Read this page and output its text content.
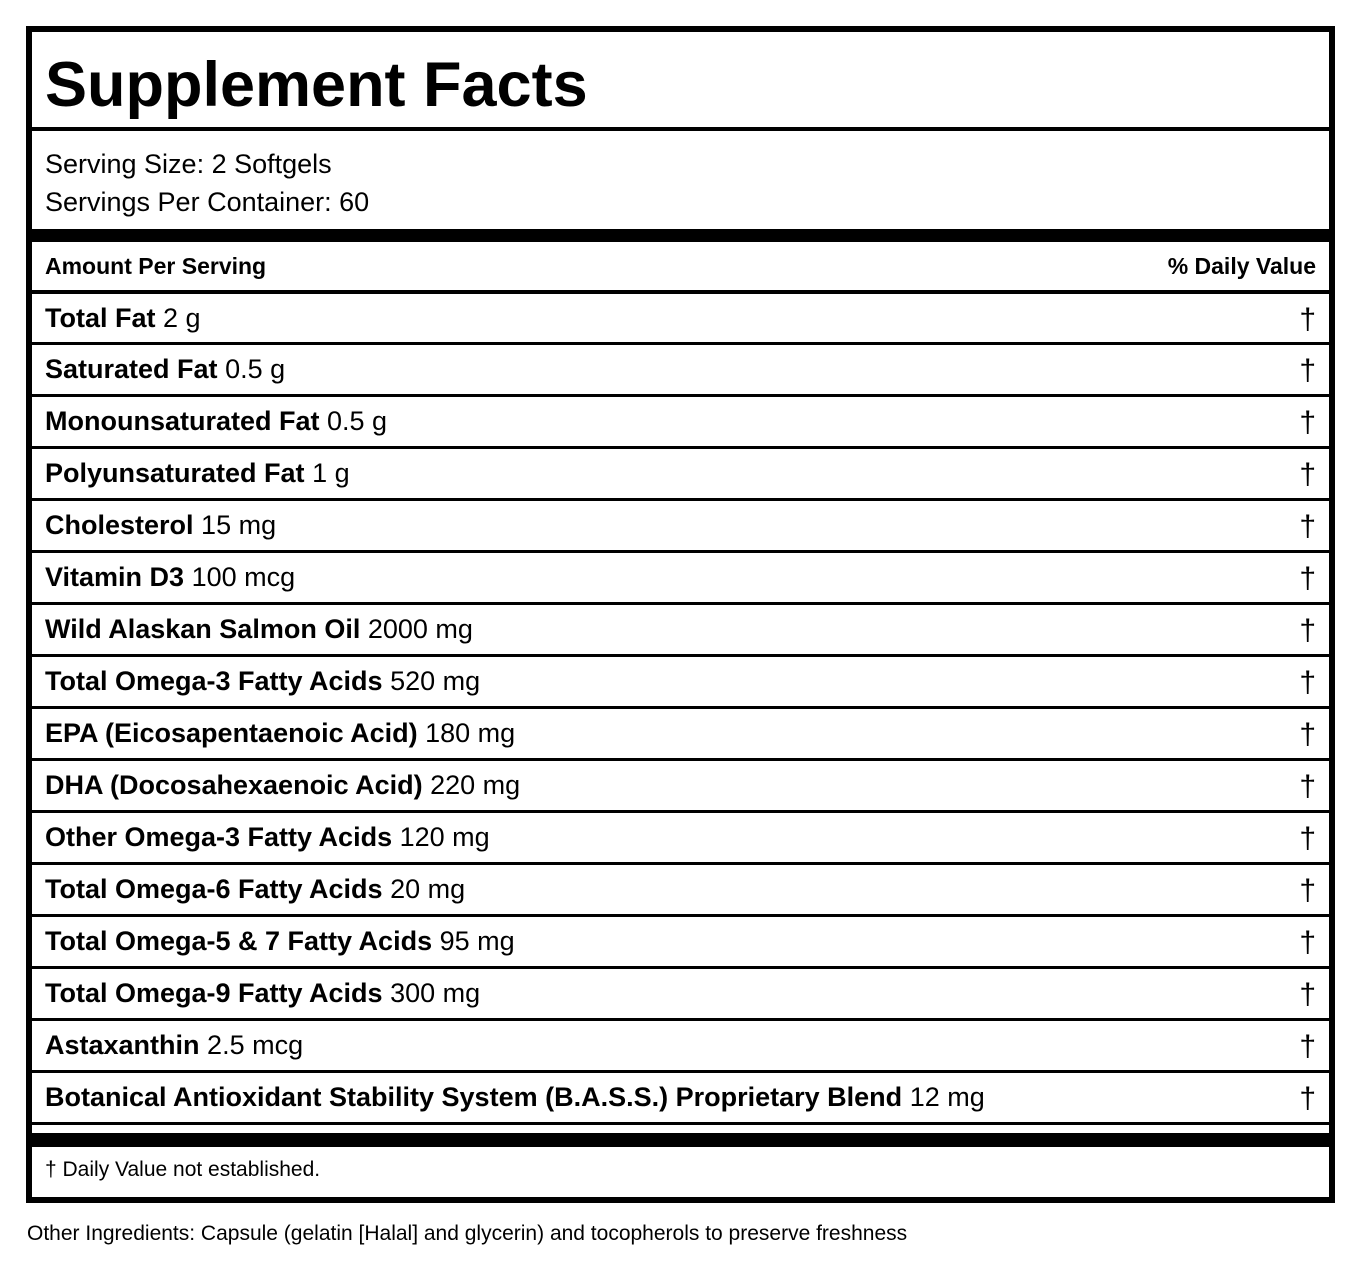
Supplement Facts
Serving Size: 2 Softgels
Servings Per Container: 60
Amount Per Serving	% Daily Value
Total Fat 2 g	†
Saturated Fat 0.5 g	†
Monounsaturated Fat 0.5 g	†
Polyunsaturated Fat 1 g	†
Cholesterol 15 mg	†
Vitamin D3 100 mcg	†
Wild Alaskan Salmon Oil 2000 mg	†
Total Omega-3 Fatty Acids 520 mg	†
EPA (Eicosapentaenoic Acid) 180 mg	†
DHA (Docosahexaenoic Acid) 220 mg	†
Other Omega-3 Fatty Acids 120 mg	†
Total Omega-6 Fatty Acids 20 mg	†
Total Omega-5 & 7 Fatty Acids 95 mg	†
Total Omega-9 Fatty Acids 300 mg	†
Astaxanthin 2.5 mcg	†
Botanical Antioxidant Stability System (B.A.S.S.) Proprietary Blend 12 mg	†
† Daily Value not established.
Other Ingredients: Capsule (gelatin [Halal] and glycerin) and tocopherols to preserve freshness
